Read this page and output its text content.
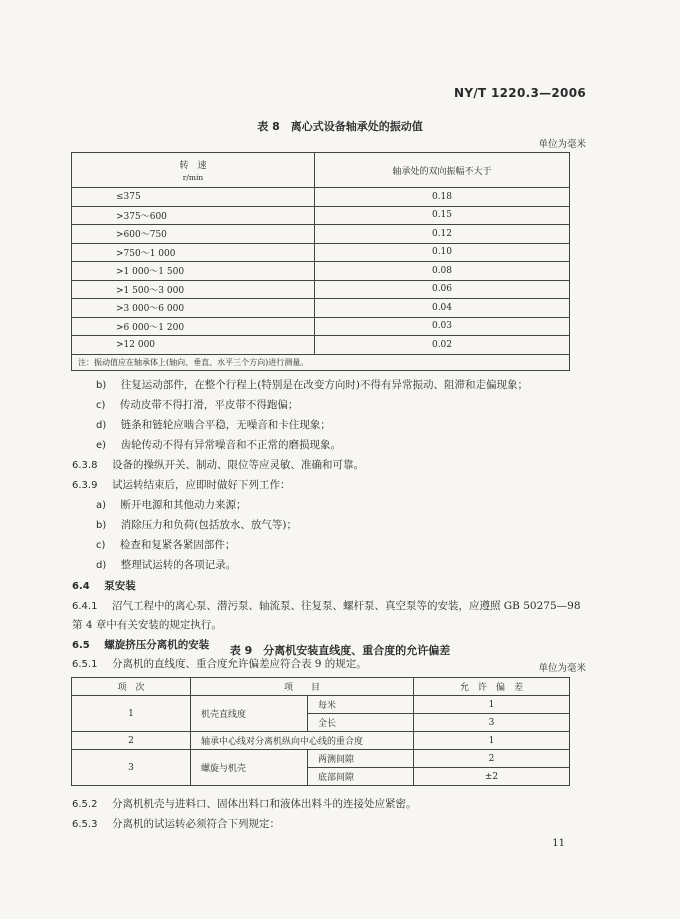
NY/T 1220.3—2006
表 8　离心式设备轴承处的振动值
单位为毫米
转　速
r/min	轴承处的双向振幅不大于
≤375	0.18
>375～600	0.15
>600～750	0.12
>750～1 000	0.10
>1 000～1 500	0.08
>1 500～3 000	0.06
>3 000～6 000	0.04
>6 000～1 200	0.03
>12 000	0.02
注：振动值应在轴承体上(轴向、垂直、水平三个方向)进行测量。	
b)　 往复运动部件，在整个行程上(特别是在改变方向时)不得有异常振动、阻滞和走偏现象；
c)　 传动皮带不得打滑，平皮带不得跑偏；
d)　 链条和链轮应啮合平稳，无噪音和卡住现象；
e)　 齿轮传动不得有异常噪音和不正常的磨损现象。
6.3.8　 设备的操纵开关、制动、限位等应灵敏、准确和可靠。
6.3.9　 试运转结束后，应即时做好下列工作：
a)　 断开电源和其他动力来源；
b)　 消除压力和负荷(包括放水、放气等)；
c)　 检查和复紧各紧固部件；
d)　 整理试运转的各项记录。
6.4　 泵安装
6.4.1　 沼气工程中的离心泵、潜污泵、轴流泵、往复泵、螺杆泵、真空泵等的安装，应遵照 GB 50275—98
第 4 章中有关安装的规定执行。
6.5　 螺旋挤压分离机的安装
6.5.1　 分离机的直线度、重合度允许偏差应符合表 9 的规定。
表 9　分离机安装直线度、重合度的允许偏差
单位为毫米
项　次	项　　目		允　许　偏　差
1	机壳直线度	每米	1
		全长	3
2	轴承中心线对分离机纵向中心线的重合度		1
3	螺旋与机壳	两测间隙	2
		底部间隙	±2
6.5.2　 分离机机壳与进料口、固体出料口和液体出料斗的连接处应紧密。
6.5.3　 分离机的试运转必须符合下列规定：
11
